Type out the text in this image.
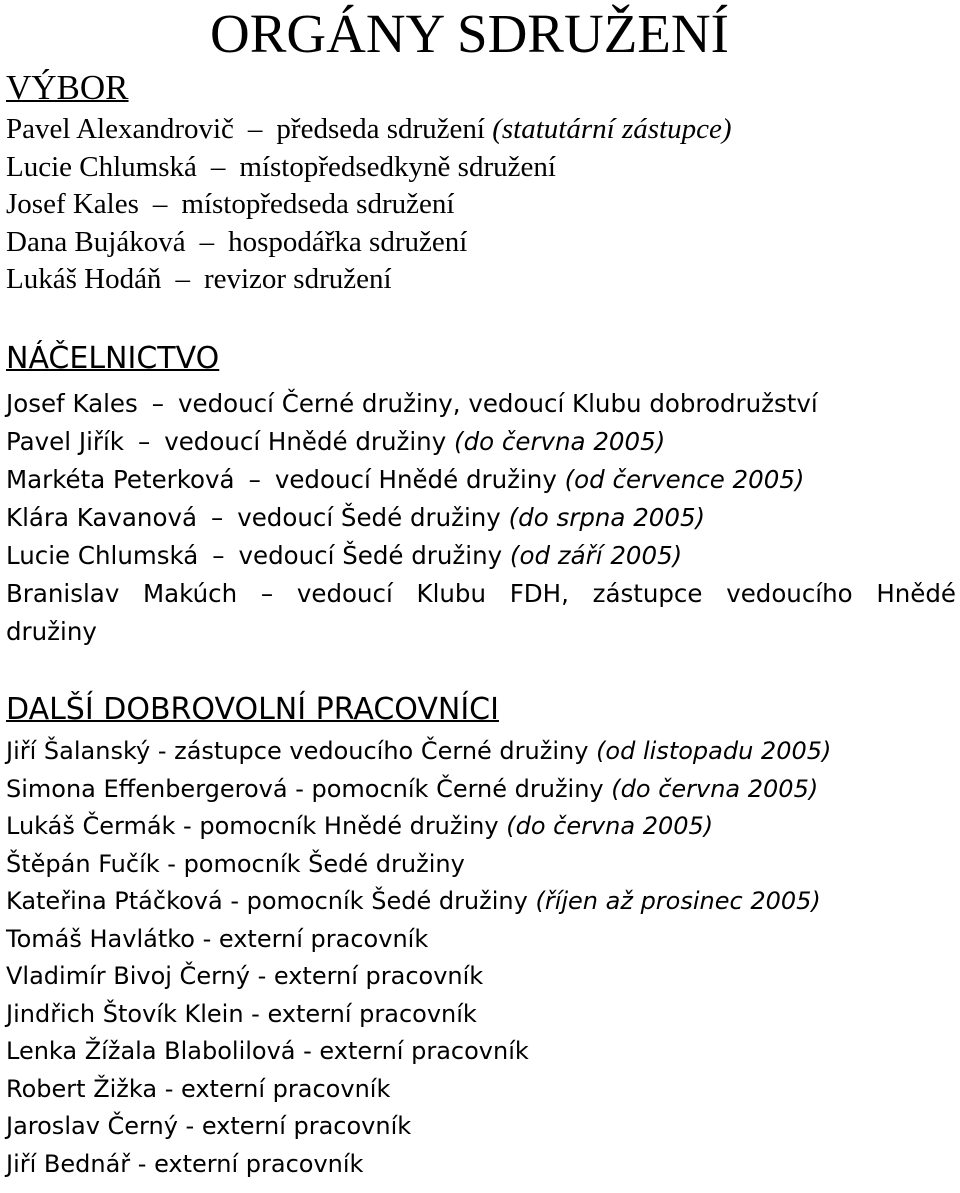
ORGÁNY SDRUŽENÍ
VÝBOR
Pavel Alexandrovič – předseda sdružení (statutární zástupce)
Lucie Chlumská – místopředsedkyně sdružení
Josef Kales – místopředseda sdružení
Dana Bujáková – hospodářka sdružení
Lukáš Hodáň – revizor sdružení
NÁČELNICTVO
Josef Kales – vedoucí Černé družiny, vedoucí Klubu dobrodružství
Pavel Jiřík – vedoucí Hnědé družiny (do června 2005)
Markéta Peterková – vedoucí Hnědé družiny (od července 2005)
Klára Kavanová – vedoucí Šedé družiny (do srpna 2005)
Lucie Chlumská – vedoucí Šedé družiny (od září 2005)
Branislav Makúch – vedoucí Klubu FDH, zástupce vedoucího Hnědé
družiny
DALŠÍ DOBROVOLNÍ PRACOVNÍCI
Jiří Šalanský - zástupce vedoucího Černé družiny (od listopadu 2005)
Simona Effenbergerová - pomocník Černé družiny (do června 2005)
Lukáš Čermák - pomocník Hnědé družiny (do června 2005)
Štěpán Fučík - pomocník Šedé družiny
Kateřina Ptáčková - pomocník Šedé družiny (říjen až prosinec 2005)
Tomáš Havlátko - externí pracovník
Vladimír Bivoj Černý - externí pracovník
Jindřich Štovík Klein - externí pracovník
Lenka Žížala Blabolilová - externí pracovník
Robert Žižka - externí pracovník
Jaroslav Černý - externí pracovník
Jiří Bednář - externí pracovník
